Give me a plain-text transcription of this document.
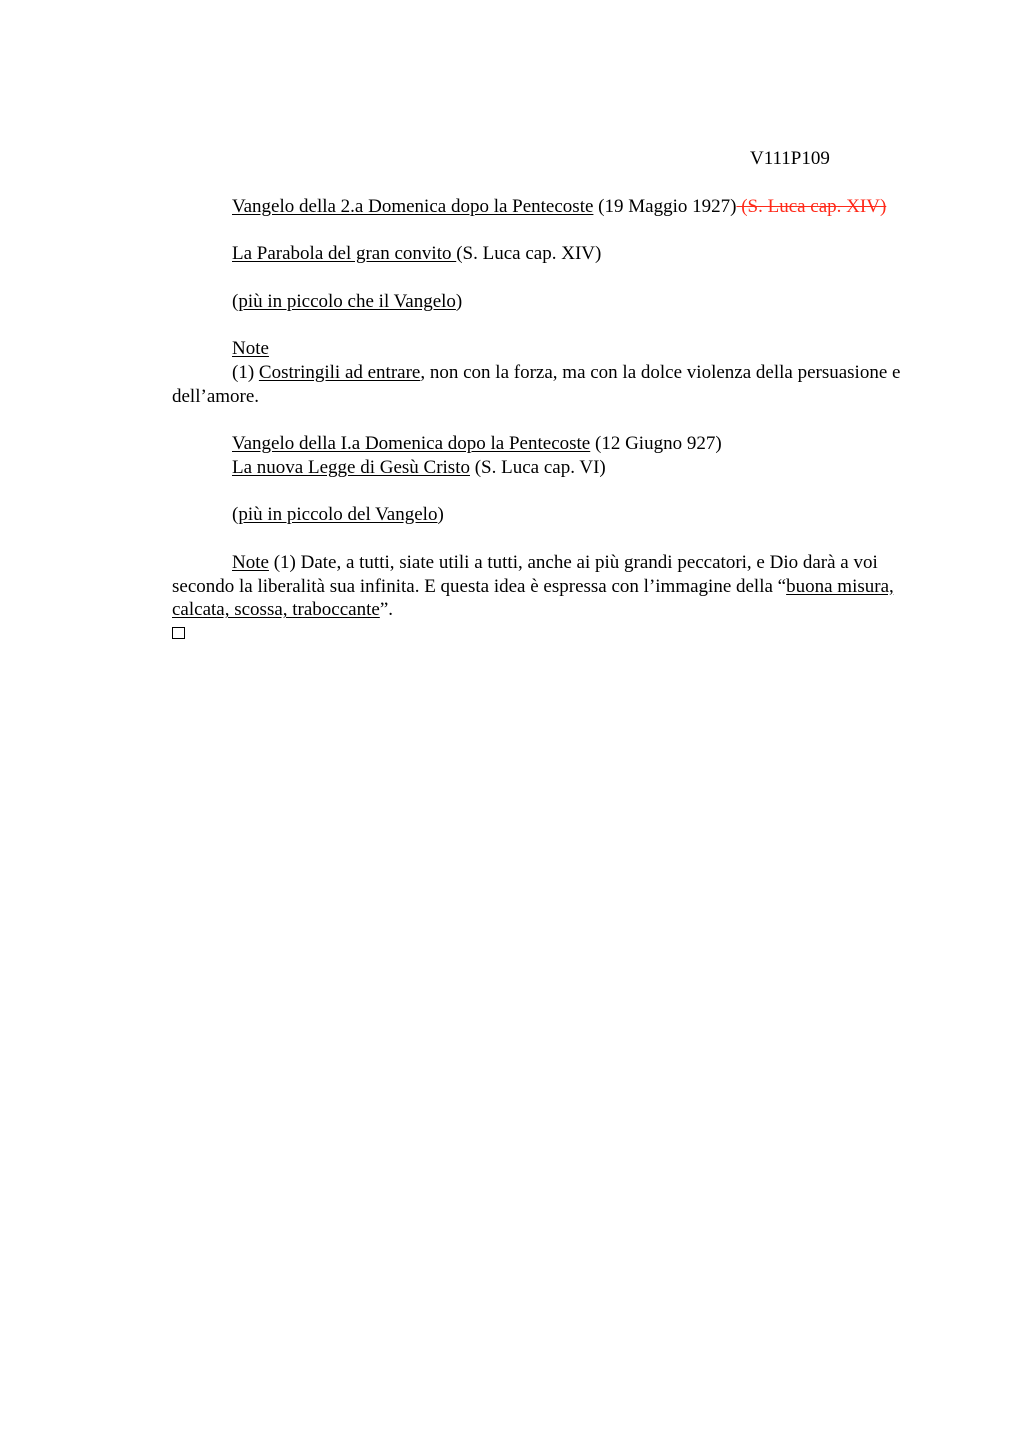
V111P109
Vangelo della 2.a Domenica dopo la Pentecoste (19 Maggio 1927) (S. Luca cap. XIV)
La Parabola del gran convito (S. Luca cap. XIV)
(più in piccolo che il Vangelo)
Note
(1) Costringili ad entrare, non con la forza, ma con la dolce violenza della persuasione e dell’amore.
Vangelo della I.a Domenica dopo la Pentecoste (12 Giugno 927)
La nuova Legge di Gesù Cristo (S. Luca cap. VI)
(più in piccolo del Vangelo)
Note (1) Date, a tutti, siate utili a tutti, anche ai più grandi peccatori, e Dio darà a voi secondo la liberalità sua infinita. E questa idea è espressa con l’immagine della “buona misura, calcata, scossa, traboccante”.
